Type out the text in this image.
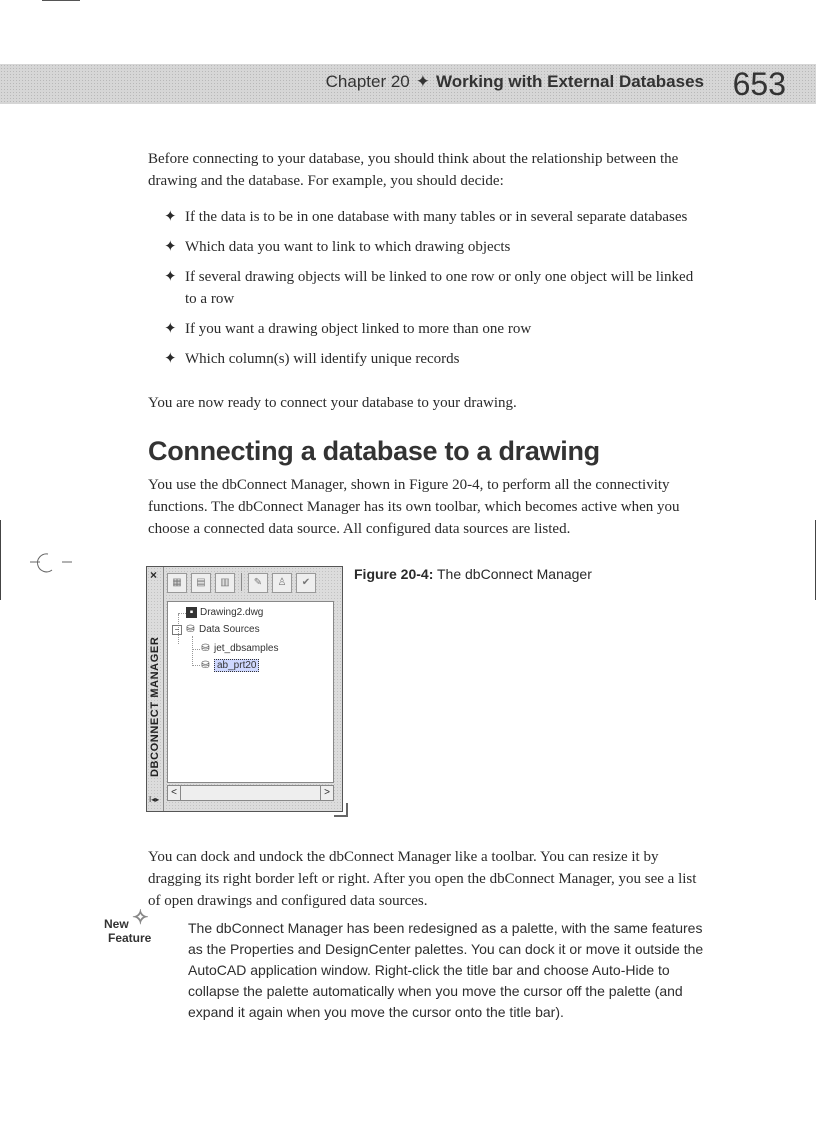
Chapter 20 ✦ Working with External Databases 653

Before connecting to your database, you should think about the relationship between the drawing and the database. For example, you should decide:

✦ If the data is to be in one database with many tables or in several separate databases
✦ Which data you want to link to which drawing objects
✦ If several drawing objects will be linked to one row or only one object will be linked to a row
✦ If you want a drawing object linked to more than one row
✦ Which column(s) will identify unique records

You are now ready to connect your database to your drawing.

Connecting a database to a drawing

You use the dbConnect Manager, shown in Figure 20-4, to perform all the connectivity functions. The dbConnect Manager has its own toolbar, which becomes active when you choose a connected data source. All configured data sources are listed.

×
DBCONNECT MANAGER
I◂▸
▦	▤	▥	✎	♙	✔
▪ Drawing2.dwg
− ⛁ Data Sources
⛁ jet_dbsamples
⛁ ab_prt20
<	>
Figure 20-4: The dbConnect Manager

You can dock and undock the dbConnect Manager like a toolbar. You can resize it by dragging its right border left or right. After you open the dbConnect Manager, you see a list of open drawings and configured data sources.

New
Feature
✧	The dbConnect Manager has been redesigned as a palette, with the same features as the Properties and DesignCenter palettes. You can dock it or move it outside the AutoCAD application window. Right-click the title bar and choose Auto-Hide to collapse the palette automatically when you move the cursor off the palette (and expand it again when you move the cursor onto the title bar).
